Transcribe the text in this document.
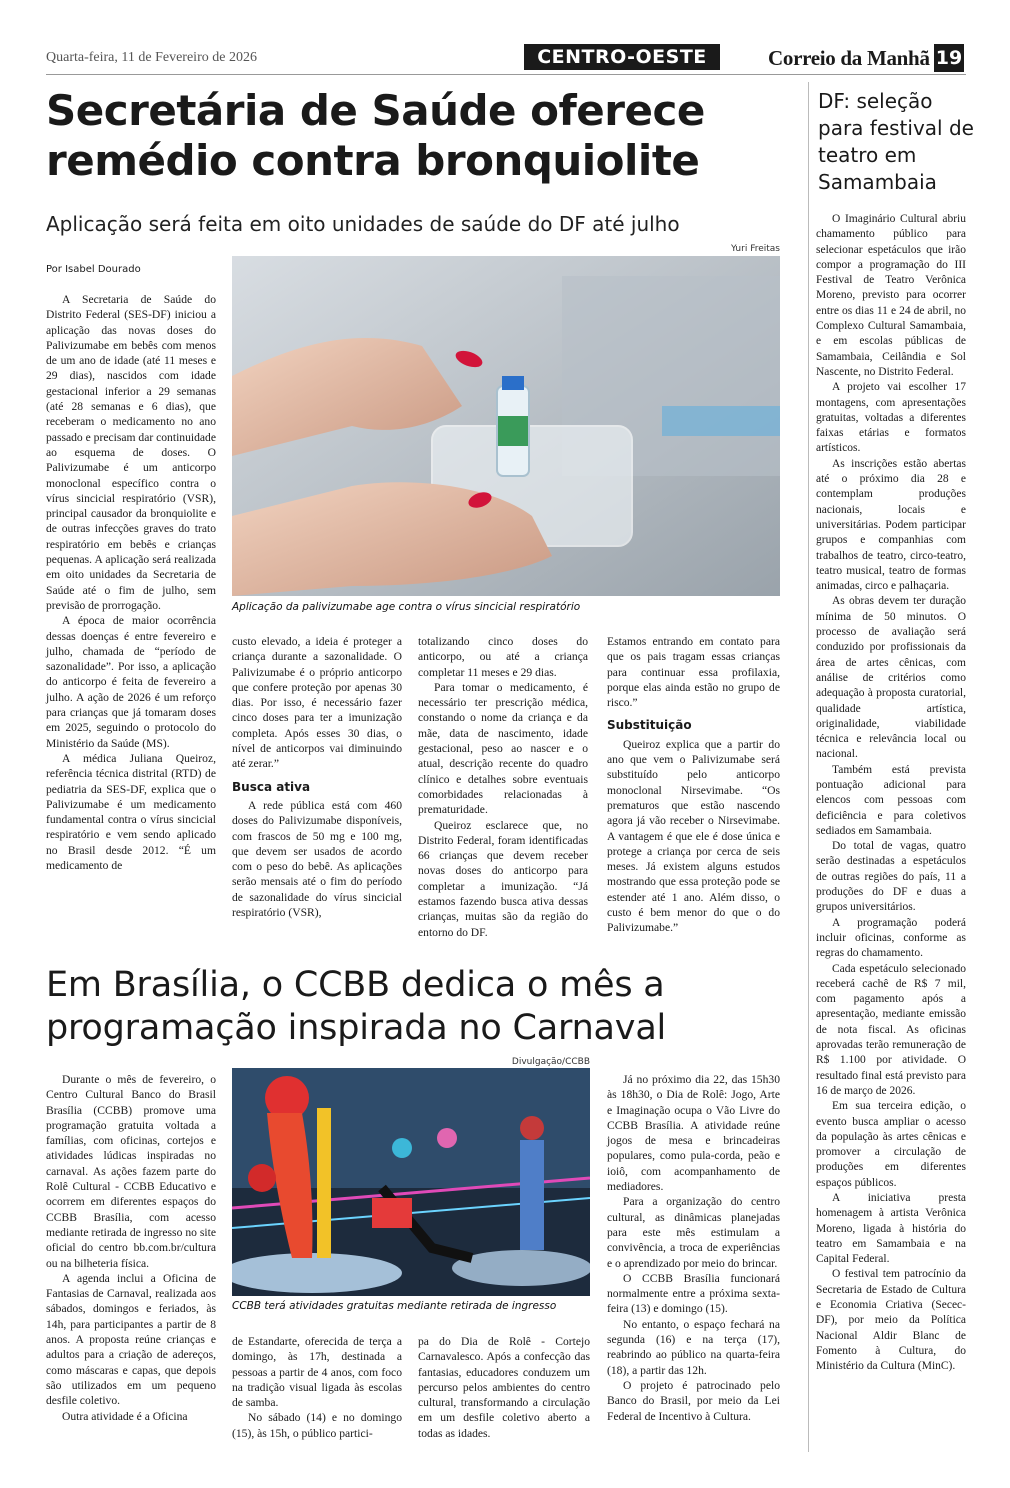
Quarta-feira, 11 de Fevereiro de 2026	CENTRO-OESTE	Correio da Manhã 19
Secretária de Saúde oferece remédio contra bronquiolite
Aplicação será feita em oito unidades de saúde do DF até julho
Por Isabel Dourado
Yuri Freitas
Aplicação da palivizumabe age contra o vírus sincicial respiratório

A Secretaria de Saúde do Distrito Federal (SES-DF) iniciou a aplicação das novas doses do Palivizumabe em bebês com menos de um ano de idade (até 11 meses e 29 dias), nascidos com idade gestacional inferior a 29 semanas (até 28 semanas e 6 dias), que receberam o medicamento no ano passado e precisam dar continuidade ao esquema de doses. O Palivizumabe é um anticorpo monoclonal específico contra o vírus sincicial respiratório (VSR), principal causador da bronquiolite e de outras infecções graves do trato respiratório em bebês e crianças pequenas. A aplicação será realizada em oito unidades da Secretaria de Saúde até o fim de julho, sem previsão de prorrogação.

A época de maior ocorrência dessas doenças é entre fevereiro e julho, chamada de “período de sazonalidade”. Por isso, a aplicação do anticorpo é feita de fevereiro a julho. A ação de 2026 é um reforço para crianças que já tomaram doses em 2025, seguindo o protocolo do Ministério da Saúde (MS).

A médica Juliana Queiroz, referência técnica distrital (RTD) de pediatria da SES-DF, explica que o Palivizumabe é um medicamento fundamental contra o vírus sincicial respiratório e vem sendo aplicado no Brasil desde 2012. “É um medicamento de

custo elevado, a ideia é proteger a criança durante a sazonalidade. O Palivizumabe é o próprio anticorpo que confere proteção por apenas 30 dias. Por isso, é necessário fazer cinco doses para ter a imunização completa. Após esses 30 dias, o nível de anticorpos vai diminuindo até zerar.”

Busca ativa

A rede pública está com 460 doses do Palivizumabe disponíveis, com frascos de 50 mg e 100 mg, que devem ser usados de acordo com o peso do bebê. As aplicações serão mensais até o fim do período de sazonalidade do vírus sincicial respiratório (VSR),

totalizando cinco doses do anticorpo, ou até a criança completar 11 meses e 29 dias.

Para tomar o medicamento, é necessário ter prescrição médica, constando o nome da criança e da mãe, data de nascimento, idade gestacional, peso ao nascer e o atual, descrição recente do quadro clínico e detalhes sobre eventuais comorbidades relacionadas à prematuridade.

Queiroz esclarece que, no Distrito Federal, foram identificadas 66 crianças que devem receber novas doses do anticorpo para completar a imunização. “Já estamos fazendo busca ativa dessas crianças, muitas são da região do entorno do DF.

Estamos entrando em contato para que os pais tragam essas crianças para continuar essa profilaxia, porque elas ainda estão no grupo de risco.”

Substituição

Queiroz explica que a partir do ano que vem o Palivizumabe será substituído pelo anticorpo monoclonal Nirsevimabe. “Os prematuros que estão nascendo agora já vão receber o Nirsevimabe. A vantagem é que ele é dose única e protege a criança por cerca de seis meses. Já existem alguns estudos mostrando que essa proteção pode se estender até 1 ano. Além disso, o custo é bem menor do que o do Palivizumabe.”

Em Brasília, o CCBB dedica o mês a programação inspirada no Carnaval
Divulgação/CCBB
CCBB terá atividades gratuitas mediante retirada de ingresso

Durante o mês de fevereiro, o Centro Cultural Banco do Brasil Brasília (CCBB) promove uma programação gratuita voltada a famílias, com oficinas, cortejos e atividades lúdicas inspiradas no carnaval. As ações fazem parte do Rolê Cultural - CCBB Educativo e ocorrem em diferentes espaços do CCBB Brasília, com acesso mediante retirada de ingresso no site oficial do centro bb.com.br/cultura ou na bilheteria física.

A agenda inclui a Oficina de Fantasias de Carnaval, realizada aos sábados, domingos e feriados, às 14h, para participantes a partir de 8 anos. A proposta reúne crianças e adultos para a criação de adereços, como máscaras e capas, que depois são utilizados em um pequeno desfile coletivo.

Outra atividade é a Oficina

de Estandarte, oferecida de terça a domingo, às 17h, destinada a pessoas a partir de 4 anos, com foco na tradição visual ligada às escolas de samba.

No sábado (14) e no domingo (15), às 15h, o público partici-

pa do Dia de Rolê - Cortejo Carnavalesco. Após a confecção das fantasias, educadores conduzem um percurso pelos ambientes do centro cultural, transformando a circulação em um desfile coletivo aberto a todas as idades.

Já no próximo dia 22, das 15h30 às 18h30, o Dia de Rolê: Jogo, Arte e Imaginação ocupa o Vão Livre do CCBB Brasília. A atividade reúne jogos de mesa e brincadeiras populares, como pula-corda, peão e ioiô, com acompanhamento de mediadores.

Para a organização do centro cultural, as dinâmicas planejadas para este mês estimulam a convivência, a troca de experiências e o aprendizado por meio do brincar.

O CCBB Brasília funcionará normalmente entre a próxima sexta-feira (13) e domingo (15).

No entanto, o espaço fechará na segunda (16) e na terça (17), reabrindo ao público na quarta-feira (18), a partir das 12h.

O projeto é patrocinado pelo Banco do Brasil, por meio da Lei Federal de Incentivo à Cultura.

DF: seleção para festival de teatro em Samambaia

O Imaginário Cultural abriu chamamento público para selecionar espetáculos que irão compor a programação do III Festival de Teatro Verônica Moreno, previsto para ocorrer entre os dias 11 e 24 de abril, no Complexo Cultural Samambaia, e em escolas públicas de Samambaia, Ceilândia e Sol Nascente, no Distrito Federal.

A projeto vai escolher 17 montagens, com apresentações gratuitas, voltadas a diferentes faixas etárias e formatos artísticos.

As inscrições estão abertas até o próximo dia 28 e contemplam produções nacionais, locais e universitárias. Podem participar grupos e companhias com trabalhos de teatro, circo-teatro, teatro musical, teatro de formas animadas, circo e palhaçaria.

As obras devem ter duração mínima de 50 minutos. O processo de avaliação será conduzido por profissionais da área de artes cênicas, com análise de critérios como adequação à proposta curatorial, qualidade artística, originalidade, viabilidade técnica e relevância local ou nacional.

Também está prevista pontuação adicional para elencos com pessoas com deficiência e para coletivos sediados em Samambaia.

Do total de vagas, quatro serão destinadas a espetáculos de outras regiões do país, 11 a produções do DF e duas a grupos universitários.

A programação poderá incluir oficinas, conforme as regras do chamamento.

Cada espetáculo selecionado receberá cachê de R$ 7 mil, com pagamento após a apresentação, mediante emissão de nota fiscal. As oficinas aprovadas terão remuneração de R$ 1.100 por atividade. O resultado final está previsto para 16 de março de 2026.

Em sua terceira edição, o evento busca ampliar o acesso da população às artes cênicas e promover a circulação de produções em diferentes espaços públicos.

A iniciativa presta homenagem à artista Verônica Moreno, ligada à história do teatro em Samambaia e na Capital Federal.

O festival tem patrocínio da Secretaria de Estado de Cultura e Economia Criativa (Secec-DF), por meio da Política Nacional Aldir Blanc de Fomento à Cultura, do Ministério da Cultura (MinC).
